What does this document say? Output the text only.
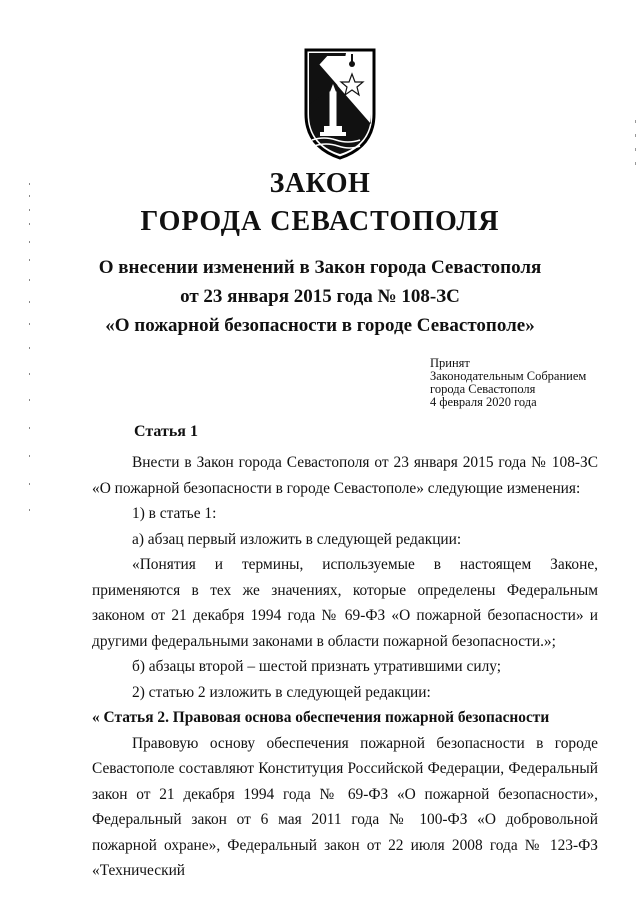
ЗАКОН
ГОРОДА СЕВАСТОПОЛЯ
О внесении изменений в Закон города Севастополя
от 23 января 2015 года № 108-ЗС
«О пожарной безопасности в городе Севастополе»
Принят
Законодательным Собранием
города Севастополя
4 февраля 2020 года
Статья 1

Внести в Закон города Севастополя от 23 января 2015 года № 108-ЗС «О пожарной безопасности в городе Севастополе» следующие изменения:

1) в статье 1:

а) абзац первый изложить в следующей редакции:

«Понятия и термины, используемые в настоящем Законе, применяются в тех же значениях, которые определены Федеральным законом от 21 декабря 1994 года № 69-ФЗ «О пожарной безопасности» и другими федеральными законами в области пожарной безопасности.»;

б) абзацы второй – шестой признать утратившими силу;

2) статью 2 изложить в следующей редакции:

« Статья 2. Правовая основа обеспечения пожарной безопасности

Правовую основу обеспечения пожарной безопасности в городе Севастополе составляют Конституция Российской Федерации, Федеральный закон от 21 декабря 1994 года № 69-ФЗ «О пожарной безопасности», Федеральный закон от 6 мая 2011 года № 100-ФЗ «О добровольной пожарной охране», Федеральный закон от 22 июля 2008 года № 123-ФЗ «Технический
